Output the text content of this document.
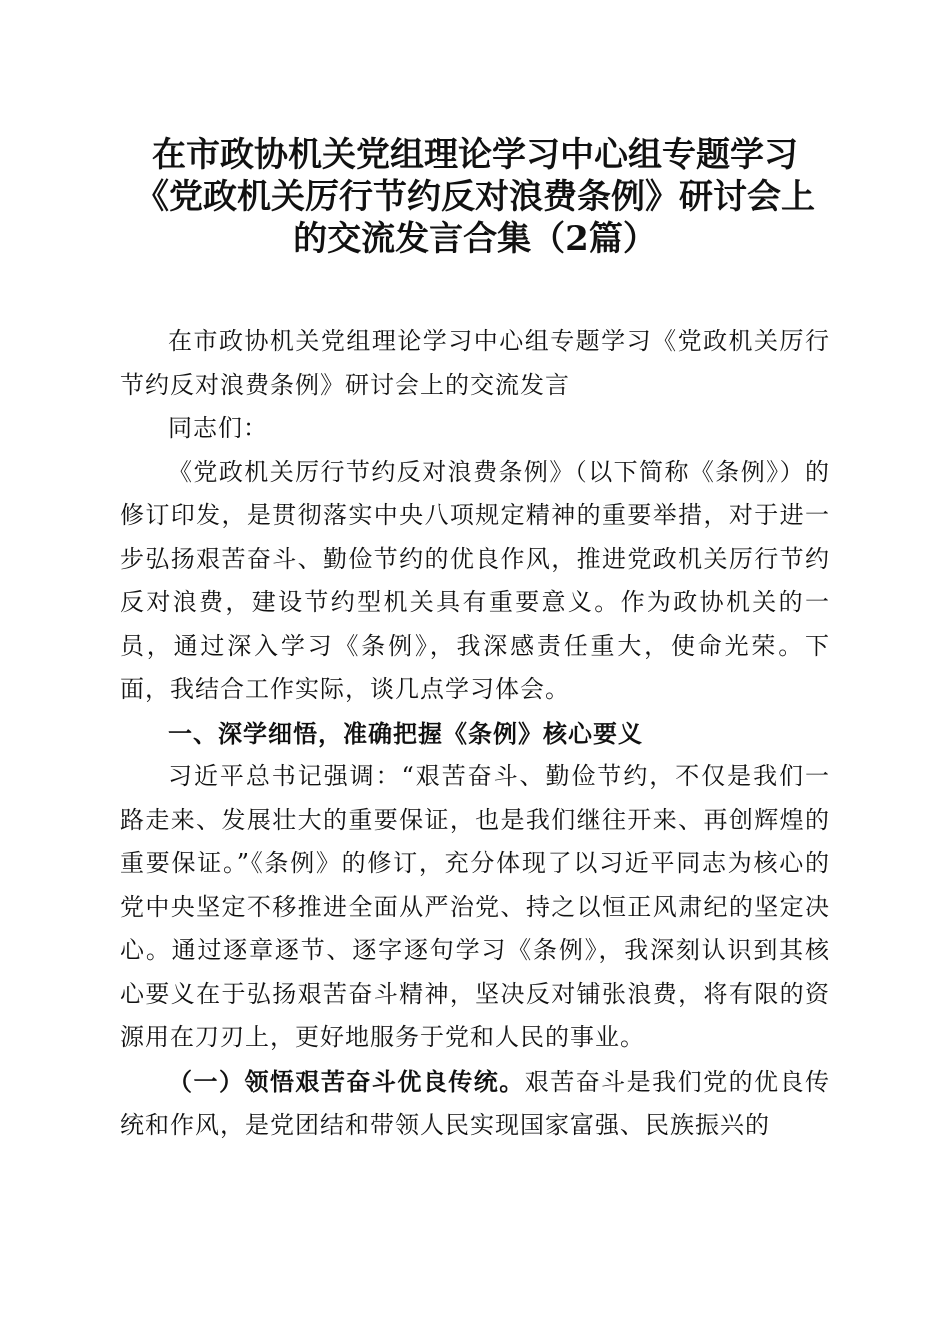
在市政协机关党组理论学习中心组专题学习
《党政机关厉行节约反对浪费条例》研讨会上
的交流发言合集（2篇）

在市政协机关党组理论学习中心组专题学习《党政机关厉行节约反对浪费条例》研讨会上的交流发言

同志们：

《党政机关厉行节约反对浪费条例》（以下简称《条例》）的修订印发，是贯彻落实中央八项规定精神的重要举措，对于进一步弘扬艰苦奋斗、勤俭节约的优良作风，推进党政机关厉行节约反对浪费，建设节约型机关具有重要意义。作为政协机关的一员，通过深入学习《条例》，我深感责任重大，使命光荣。下面，我结合工作实际，谈几点学习体会。

一、深学细悟，准确把握《条例》核心要义

习近平总书记强调：“艰苦奋斗、勤俭节约，不仅是我们一路走来、发展壮大的重要保证，也是我们继往开来、再创辉煌的重要保证。”《条例》的修订，充分体现了以习近平同志为核心的党中央坚定不移推进全面从严治党、持之以恒正风肃纪的坚定决心。通过逐章逐节、逐字逐句学习《条例》，我深刻认识到其核心要义在于弘扬艰苦奋斗精神，坚决反对铺张浪费，将有限的资源用在刀刃上，更好地服务于党和人民的事业。

（一）领悟艰苦奋斗优良传统。艰苦奋斗是我们党的优良传统和作风，是党团结和带领人民实现国家富强、民族振兴的
